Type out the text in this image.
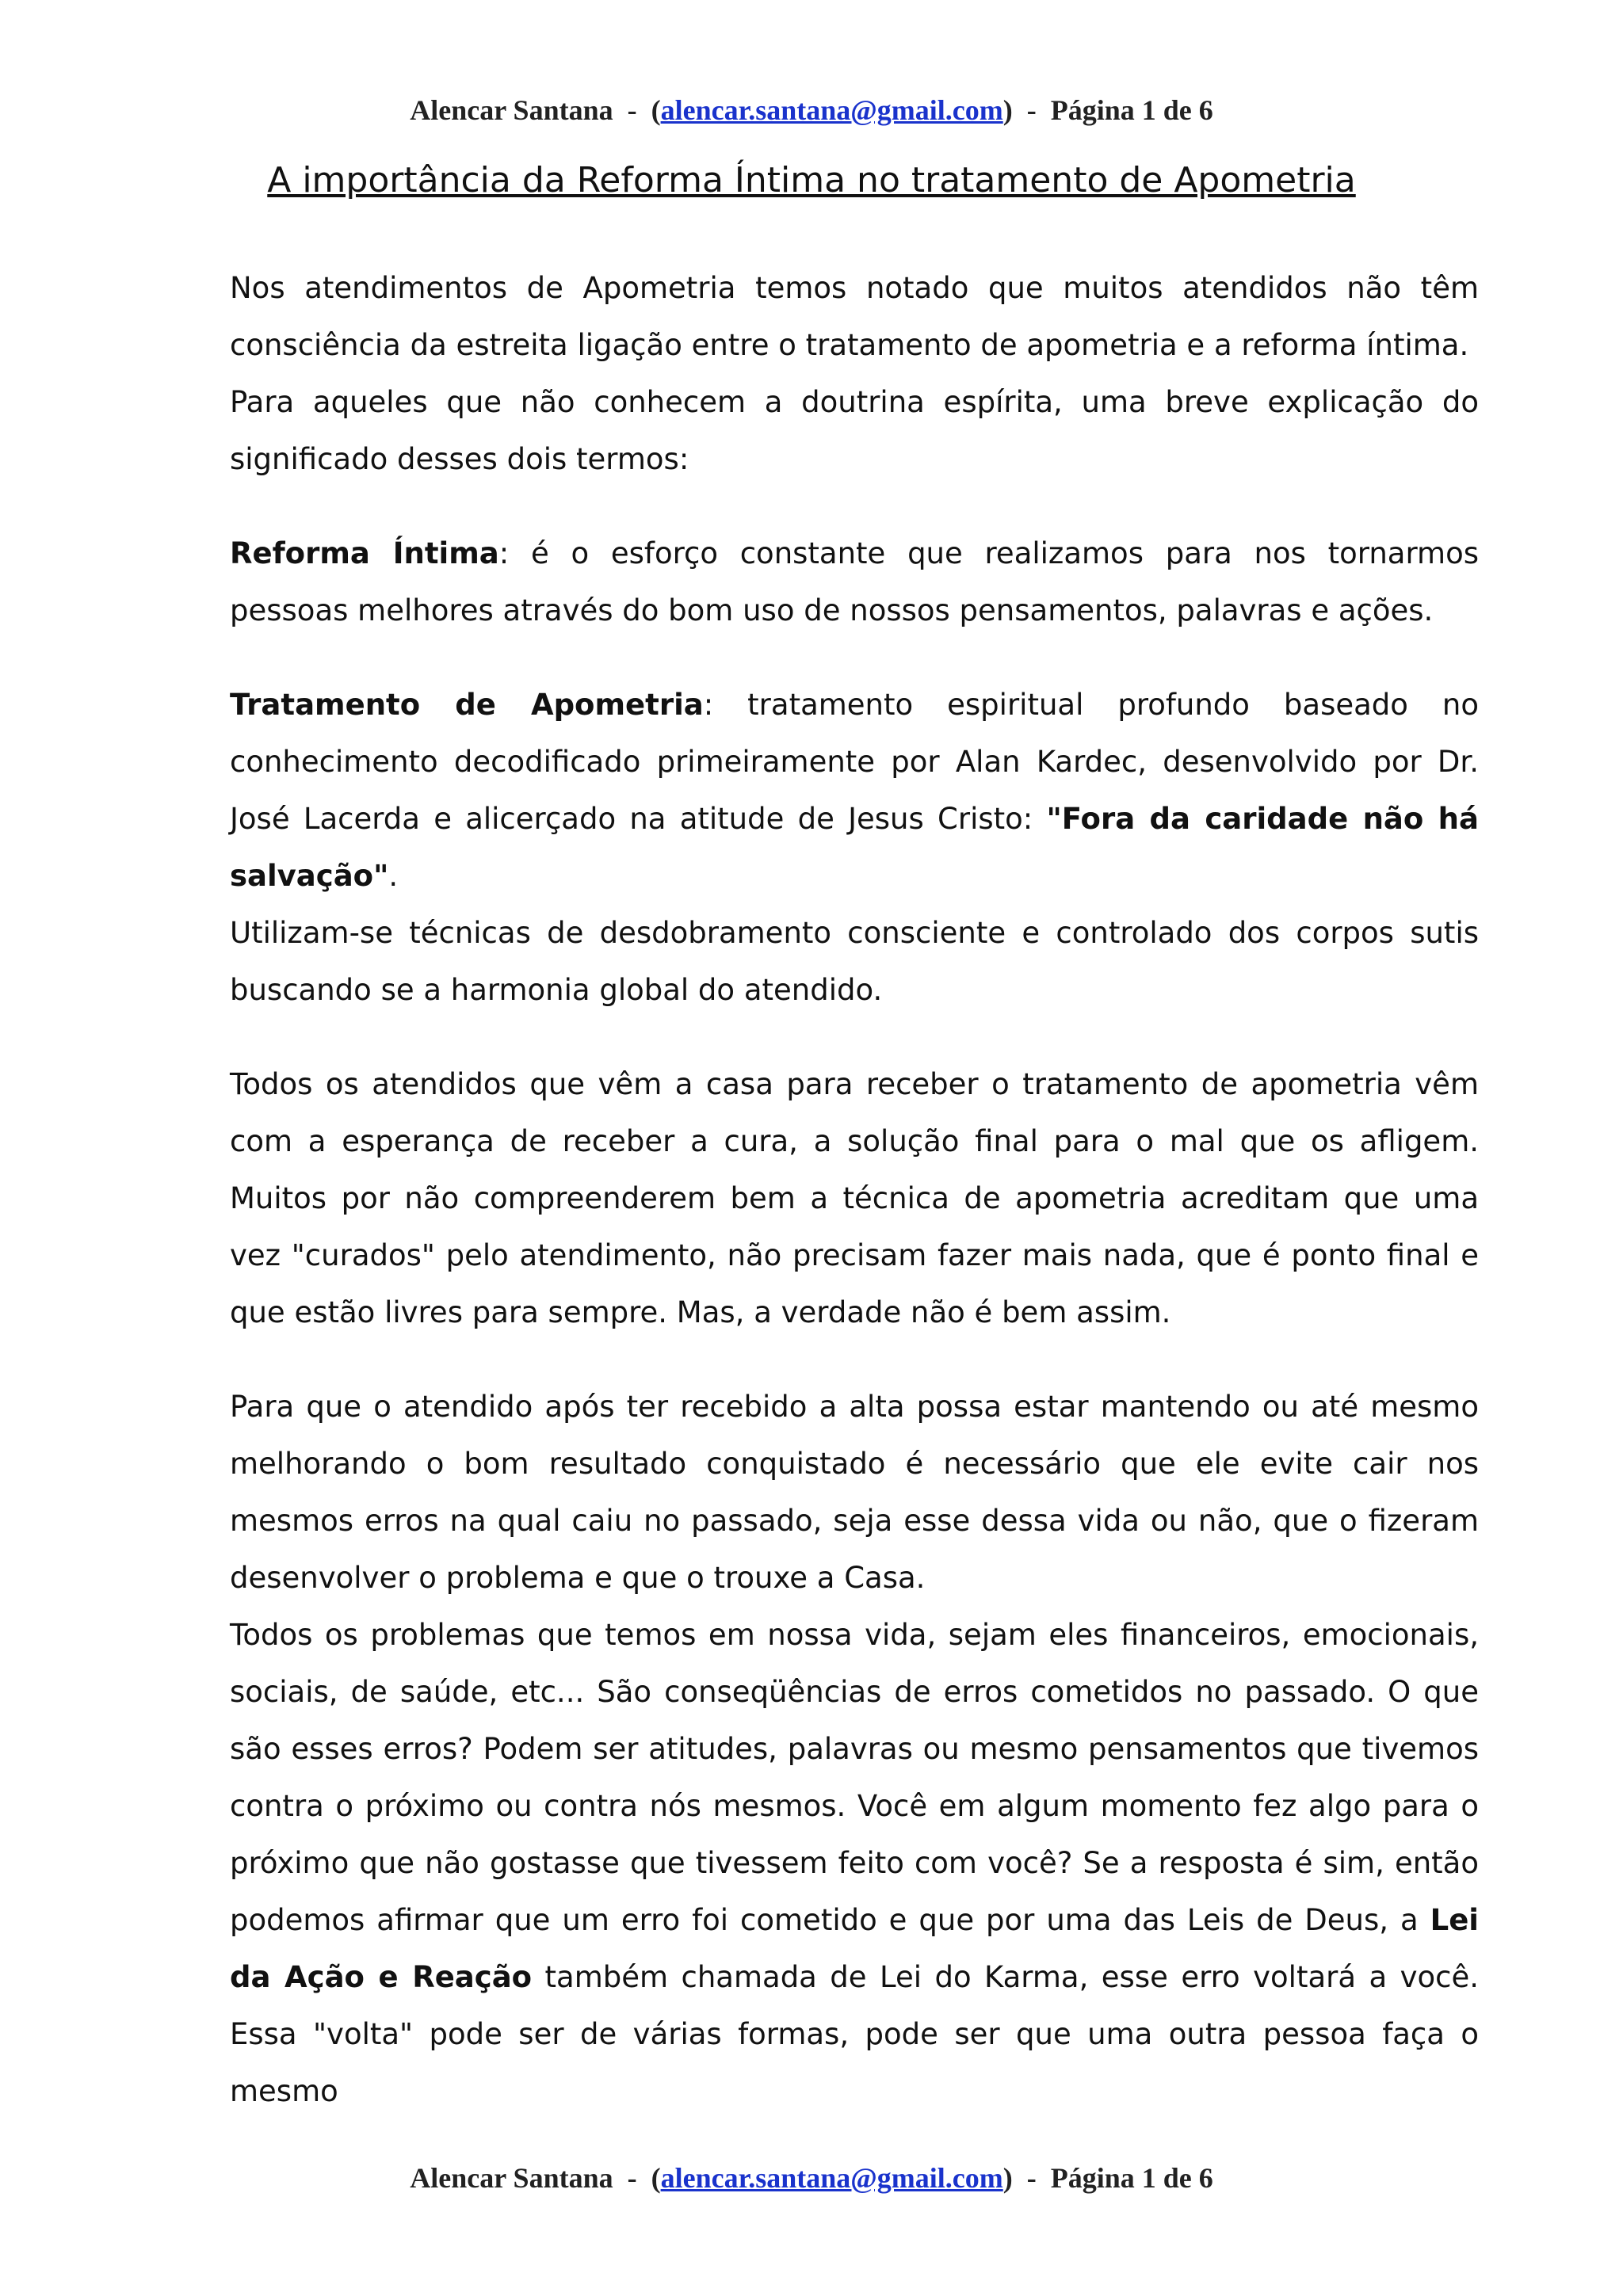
Alencar Santana  -  (alencar.santana@gmail.com)  -  Página 1 de 6
A importância da Reforma Íntima no tratamento de Apometria

Nos atendimentos de Apometria temos notado que muitos atendidos não têm consciência da estreita ligação entre o tratamento de apometria e a reforma íntima.

Para aqueles que não conhecem a doutrina espírita, uma breve explicação do significado desses dois termos:

Reforma Íntima: é o esforço constante que realizamos para nos tornarmos pessoas melhores através do bom uso de nossos pensamentos, palavras e ações.

Tratamento de Apometria: tratamento espiritual profundo baseado no conhecimento decodificado primeiramente por Alan Kardec, desenvolvido por Dr. José Lacerda e alicerçado na atitude de Jesus Cristo: "Fora da caridade não há salvação".

Utilizam-se técnicas de desdobramento consciente e controlado dos corpos sutis buscando se a harmonia global do atendido.

Todos os atendidos que vêm a casa para receber o tratamento de apometria vêm com a esperança de receber a cura, a solução final para o mal que os afligem. Muitos por não compreenderem bem a técnica de apometria acreditam que uma vez "curados" pelo atendimento, não precisam fazer mais nada, que é ponto final e que estão livres para sempre. Mas, a verdade não é bem assim.

Para que o atendido após ter recebido a alta possa estar mantendo ou até mesmo melhorando o bom resultado conquistado é necessário que ele evite cair nos mesmos erros na qual caiu no passado, seja esse dessa vida ou não, que o fizeram desenvolver o problema e que o trouxe a Casa.

Todos os problemas que temos em nossa vida, sejam eles financeiros, emocionais, sociais, de saúde, etc... São conseqüências de erros cometidos no passado. O que são esses erros? Podem ser atitudes, palavras ou mesmo pensamentos que tivemos contra o próximo ou contra nós mesmos. Você em algum momento fez algo para o próximo que não gostasse que tivessem feito com você? Se a resposta é sim, então podemos afirmar que um erro foi cometido e que por uma das Leis de Deus, a Lei da Ação e Reação também chamada de Lei do Karma, esse erro voltará a você. Essa "volta" pode ser de várias formas, pode ser que uma outra pessoa faça o mesmo

Alencar Santana  -  (alencar.santana@gmail.com)  -  Página 1 de 6
